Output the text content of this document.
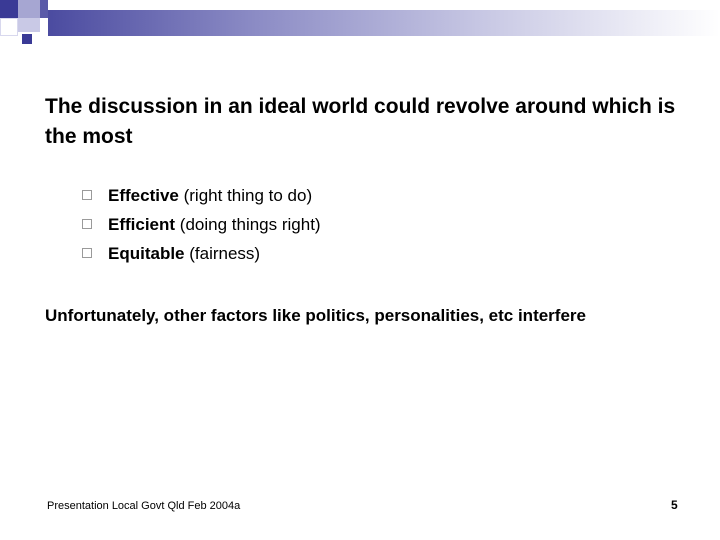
The discussion in an ideal world could revolve around which is the most

Effective (right thing to do)
Efficient (doing things right)
Equitable (fairness)

Unfortunately, other factors like politics, personalities, etc interfere

Presentation Local Govt Qld Feb 2004a	5
